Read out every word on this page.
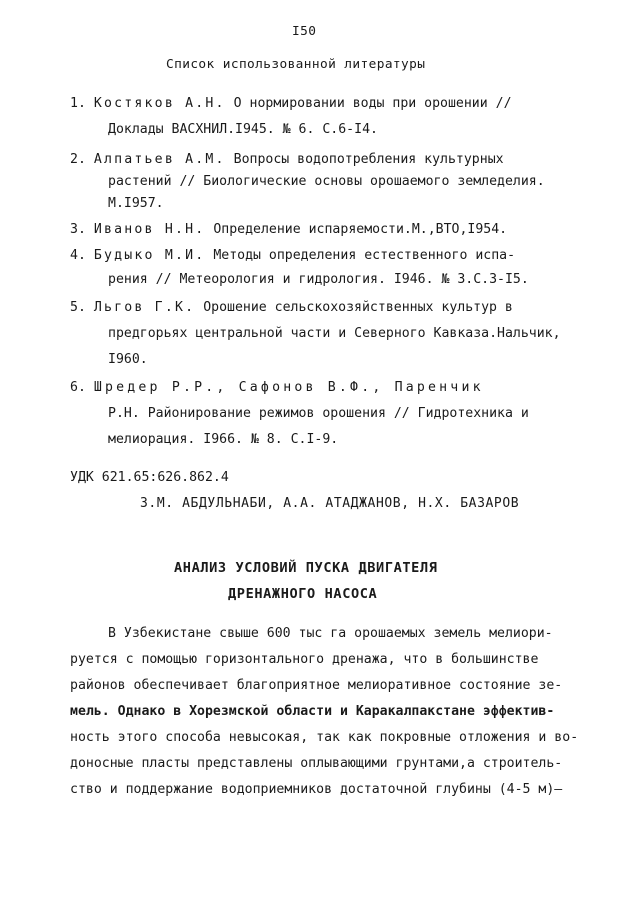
I50
Список использованной литературы
1. Костяков А.Н. О нормировании воды при орошении //
Доклады ВАСХНИЛ.I945. № 6. С.6-I4.
2. Алпатьев А.М. Вопросы водопотребления культурных
растений // Биологические основы орошаемого земледелия.
М.I957.
3. Иванов Н.Н. Определение испаряемости.М.,ВТО,I954.
4. Будыко М.И. Методы определения естественного испа-
рения // Метеорология и гидрология. I946. № 3.С.3-I5.
5. Льгов Г.К. Орошение сельскохозяйственных культур в
предгорьях центральной части и Северного Кавказа.Нальчик,
I960.
6. Шредер Р.Р., Сафонов В.Ф., Паренчик
Р.Н. Районирование режимов орошения // Гидротехника и
мелиорация. I966. № 8. С.I-9.
УДК 621.65:626.862.4
З.М. АБДУЛЬНАБИ, А.А. АТАДЖАНОВ, Н.Х. БАЗАРОВ
АНАЛИЗ УСЛОВИЙ ПУСКА ДВИГАТЕЛЯ
ДРЕНАЖНОГО НАСОСА
В Узбекистане свыше 600 тыс га орошаемых земель мелиори-
руется с помощью горизонтального дренажа, что в большинстве
районов обеспечивает благоприятное мелиоративное состояние зе-
мель. Однако в Хорезмской области и Каракалпакстане эффектив-
ность этого способа невысокая, так как покровные отложения и во-
доносные пласты представлены оплывающими грунтами,а строитель-
ство и поддержание водоприемников достаточной глубины (4-5 м)—
